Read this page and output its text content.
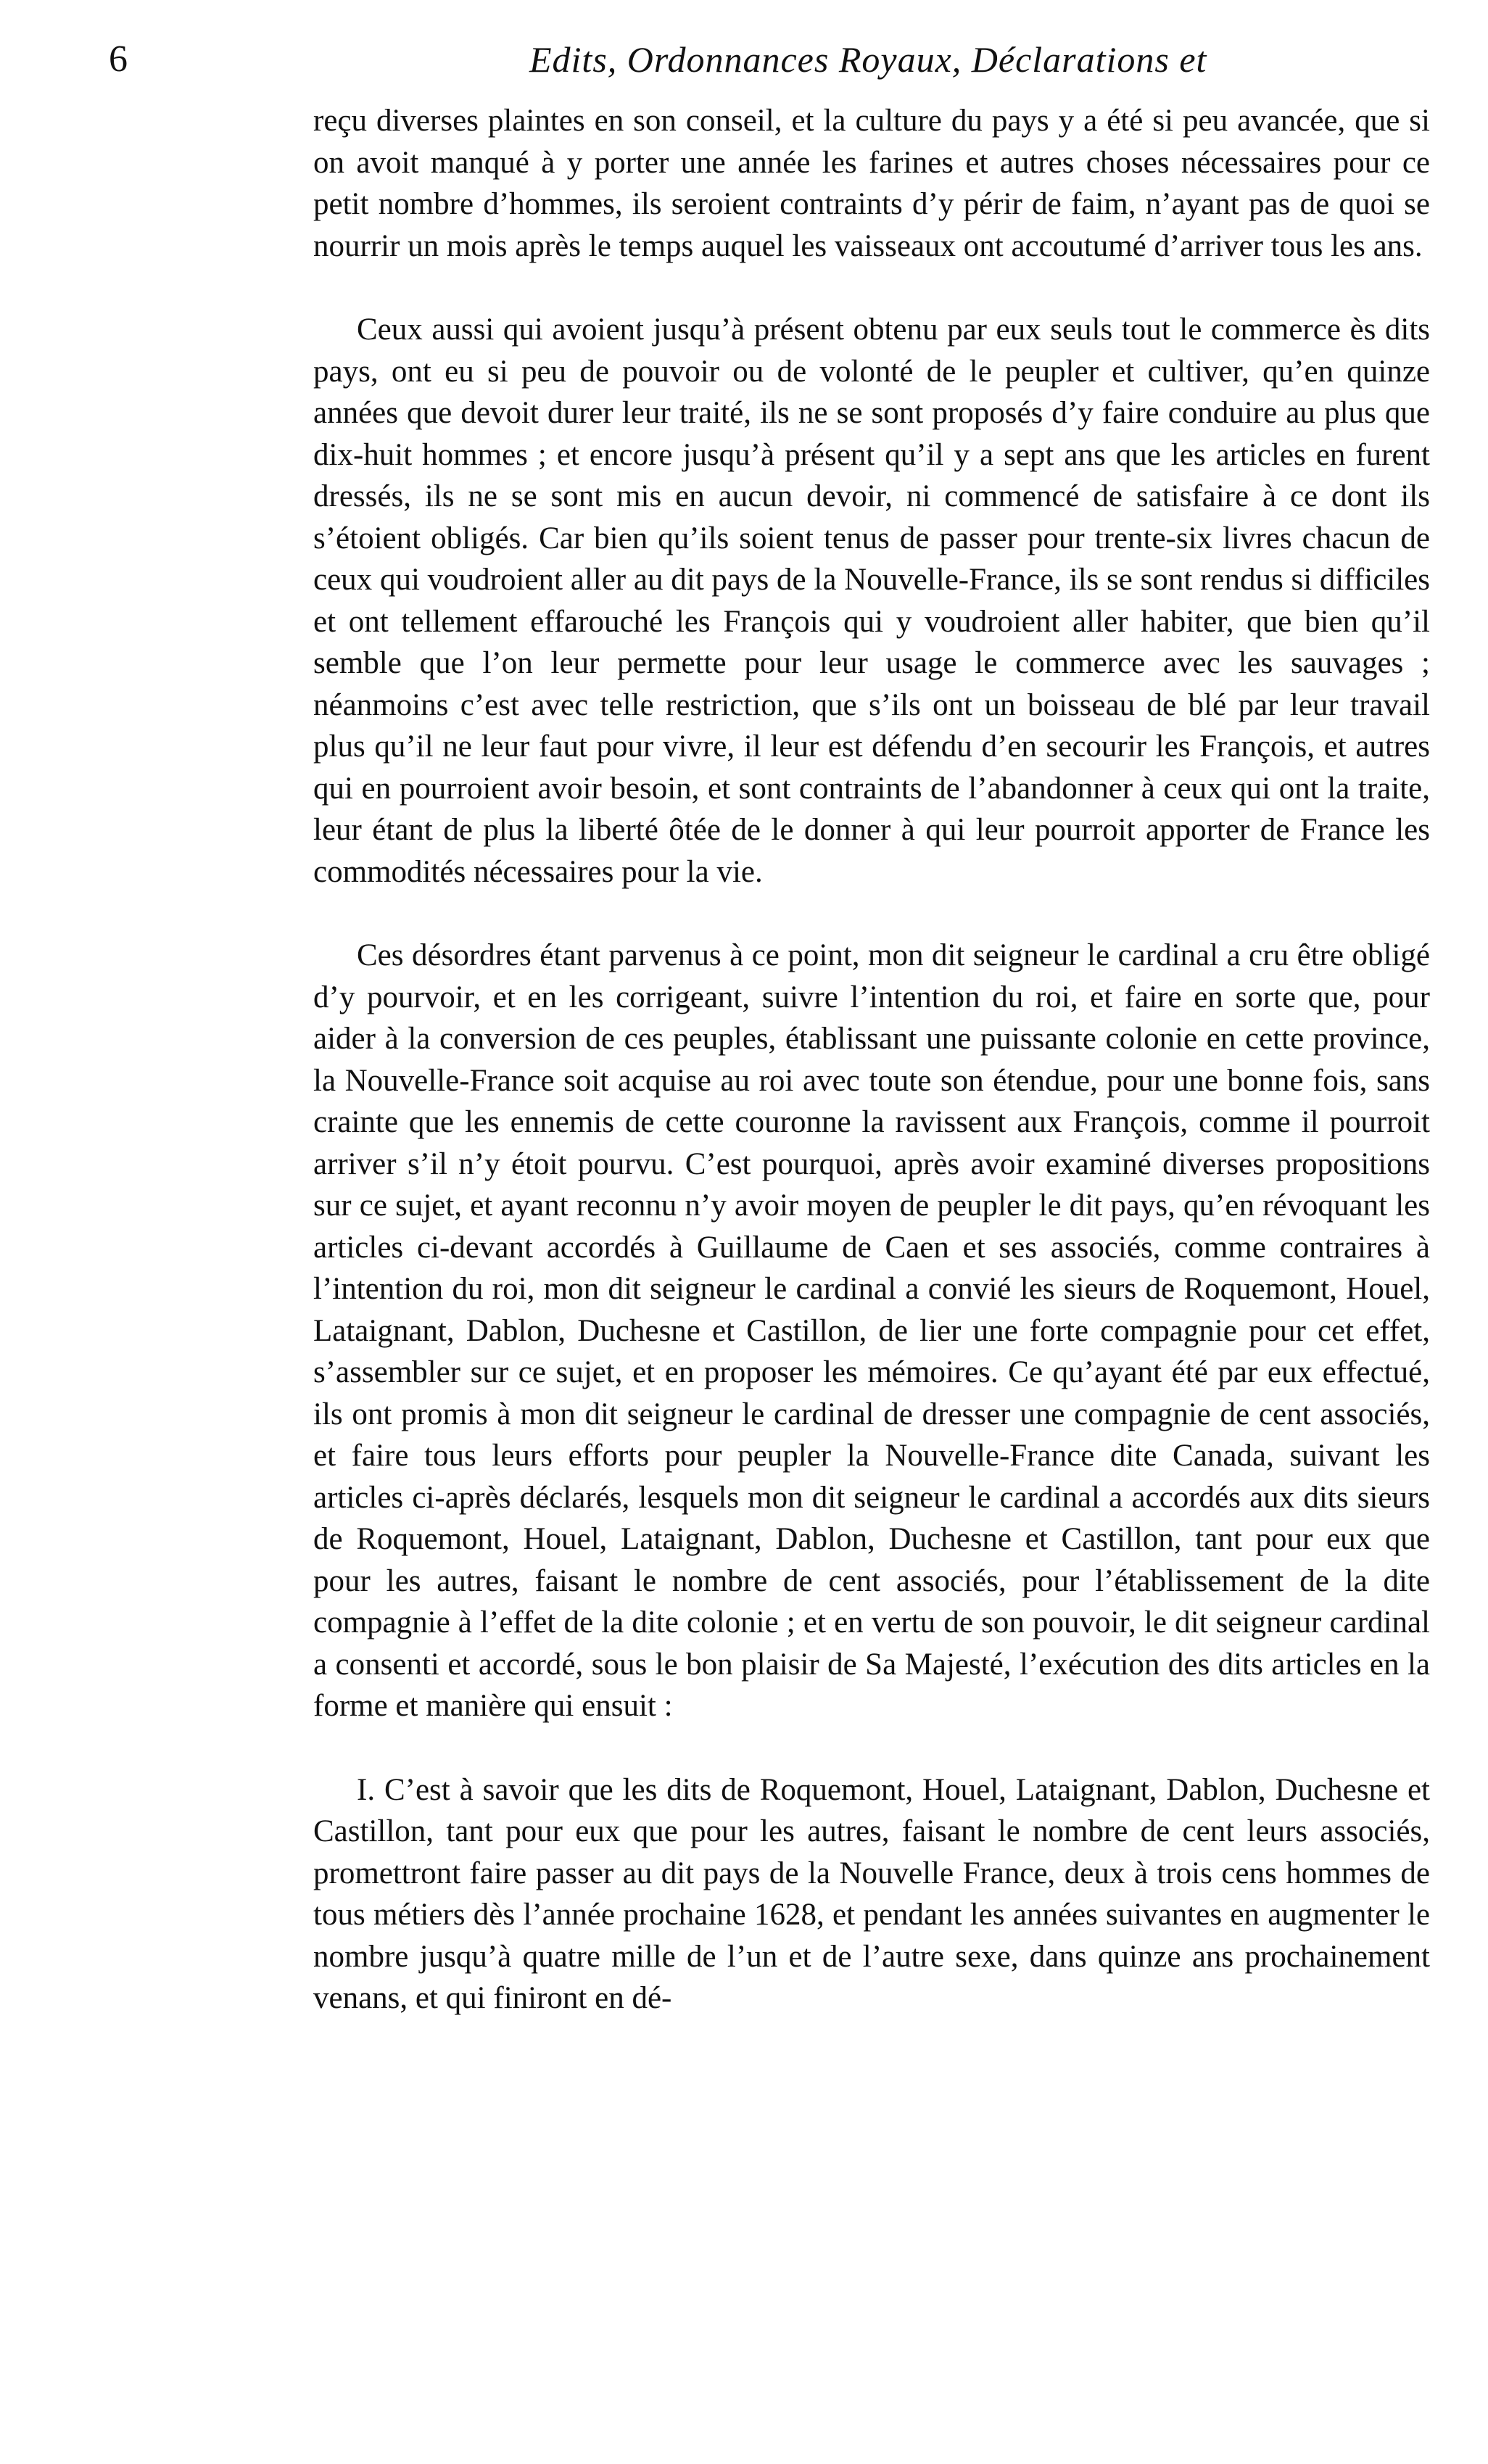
6	Edits, Ordonnances Royaux, Déclarations et

reçu diverses plaintes en son conseil, et la culture du pays y a été si peu avancée, que si on avoit manqué à y porter une année les farines et autres choses nécessaires pour ce petit nombre d’hommes, ils seroient contraints d’y périr de faim, n’ayant pas de quoi se nourrir un mois après le temps auquel les vaisseaux ont accoutumé d’arriver tous les ans.

Ceux aussi qui avoient jusqu’à présent obtenu par eux seuls tout le commerce ès dits pays, ont eu si peu de pouvoir ou de volonté de le peupler et cultiver, qu’en quinze années que devoit durer leur traité, ils ne se sont proposés d’y faire conduire au plus que dix-huit hommes ; et encore jusqu’à présent qu’il y a sept ans que les articles en furent dressés, ils ne se sont mis en aucun devoir, ni commencé de satisfaire à ce dont ils s’étoient obligés. Car bien qu’ils soient tenus de passer pour trente-six livres chacun de ceux qui voudroient aller au dit pays de la Nouvelle-France, ils se sont rendus si difficiles et ont tellement effarouché les François qui y voudroient aller habiter, que bien qu’il semble que l’on leur permette pour leur usage le commerce avec les sauvages ; néanmoins c’est avec telle restriction, que s’ils ont un boisseau de blé par leur travail plus qu’il ne leur faut pour vivre, il leur est défendu d’en secourir les François, et autres qui en pourroient avoir besoin, et sont contraints de l’abandonner à ceux qui ont la traite, leur étant de plus la liberté ôtée de le donner à qui leur pourroit apporter de France les commodités nécessaires pour la vie.

Ces désordres étant parvenus à ce point, mon dit seigneur le cardinal a cru être obligé d’y pourvoir, et en les corrigeant, suivre l’intention du roi, et faire en sorte que, pour aider à la conversion de ces peuples, établissant une puissante colonie en cette province, la Nouvelle-France soit acquise au roi avec toute son étendue, pour une bonne fois, sans crainte que les ennemis de cette couronne la ravissent aux François, comme il pourroit arriver s’il n’y étoit pourvu. C’est pourquoi, après avoir examiné diverses propositions sur ce sujet, et ayant reconnu n’y avoir moyen de peupler le dit pays, qu’en révoquant les articles ci-devant accordés à Guillaume de Caen et ses associés, comme contraires à l’intention du roi, mon dit seigneur le cardinal a convié les sieurs de Roquemont, Houel, Lataignant, Dablon, Duchesne et Castillon, de lier une forte compagnie pour cet effet, s’assembler sur ce sujet, et en proposer les mémoires. Ce qu’ayant été par eux effectué, ils ont promis à mon dit seigneur le cardinal de dresser une compagnie de cent associés, et faire tous leurs efforts pour peupler la Nouvelle-France dite Canada, suivant les articles ci-après déclarés, lesquels mon dit seigneur le cardinal a accordés aux dits sieurs de Roquemont, Houel, Lataignant, Dablon, Duchesne et Castillon, tant pour eux que pour les autres, faisant le nombre de cent associés, pour l’établissement de la dite compagnie à l’effet de la dite colonie ; et en vertu de son pouvoir, le dit seigneur cardinal a consenti et accordé, sous le bon plaisir de Sa Majesté, l’exécution des dits articles en la forme et manière qui ensuit :

I. C’est à savoir que les dits de Roquemont, Houel, Lataignant, Dablon, Duchesne et Castillon, tant pour eux que pour les autres, faisant le nombre de cent leurs associés, promettront faire passer au dit pays de la Nouvelle France, deux à trois cens hommes de tous métiers dès l’année prochaine 1628, et pendant les années suivantes en augmenter le nombre jusqu’à quatre mille de l’un et de l’autre sexe, dans quinze ans prochainement venans, et qui finiront en dé-
